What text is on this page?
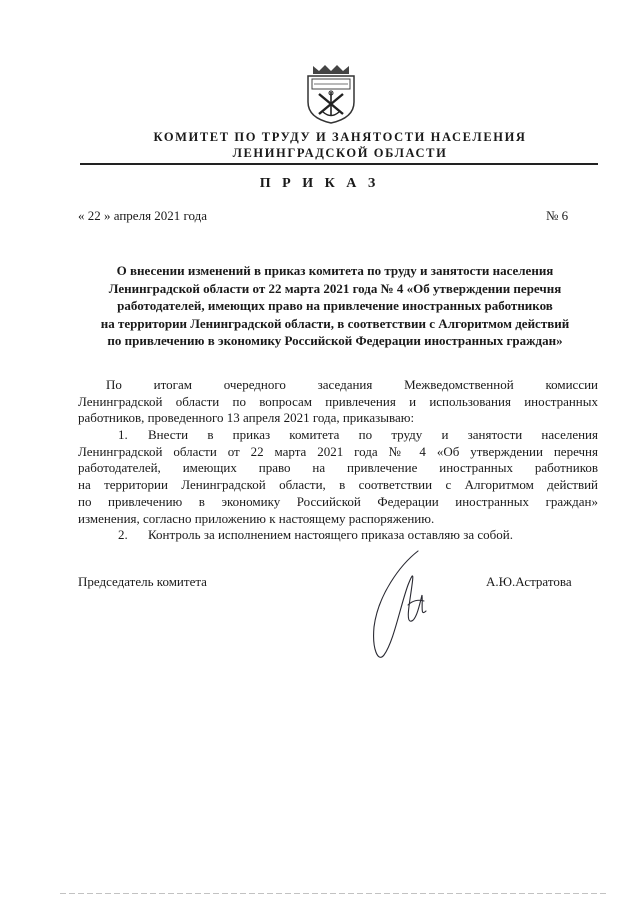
КОМИТЕТ ПО ТРУДУ И ЗАНЯТОСТИ НАСЕЛЕНИЯ
ЛЕНИНГРАДСКОЙ ОБЛАСТИ
П Р И К А З
« 22 » апреля 2021 года	№ 6
О внесении изменений в приказ комитета по труду и занятости населения
Ленинградской области от 22 марта 2021 года № 4 «Об утверждении перечня
работодателей, имеющих право на привлечение иностранных работников
на территории Ленинградской области, в соответствии с Алгоритмом действий
по привлечению в экономику Российской Федерации иностранных граждан»
По итогам очередного заседания Межведомственной комиссии
Ленинградской области по вопросам привлечения и использования иностранных
работников, проведенного 13 апреля 2021 года, приказываю:
1. Внести в приказ комитета по труду и занятости населения
Ленинградской области от 22 марта 2021 года № 4 «Об утверждении перечня
работодателей, имеющих право на привлечение иностранных работников
на территории Ленинградской области, в соответствии с Алгоритмом действий
по привлечению в экономику Российской Федерации иностранных граждан»
изменения, согласно приложению к настоящему распоряжению.
2. Контроль за исполнением настоящего приказа оставляю за собой.
Председатель комитета	А.Ю.Астратова
